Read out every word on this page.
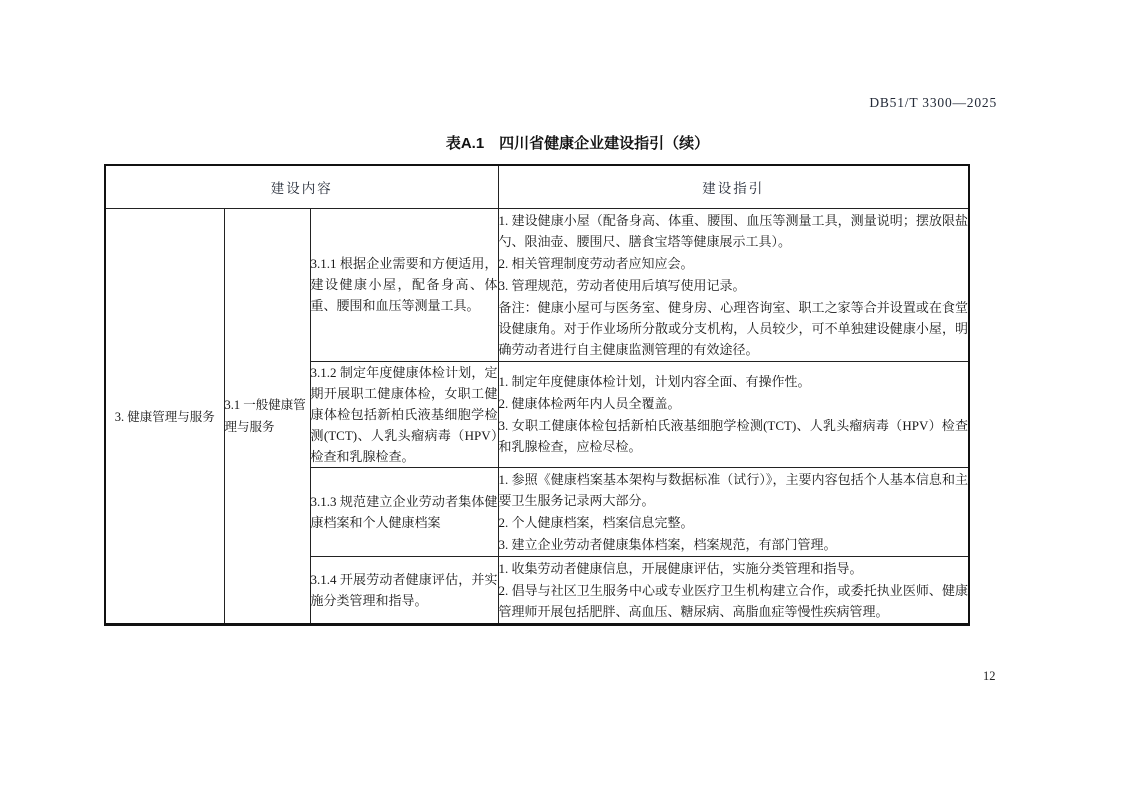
DB51/T 3300—2025
表A.1　四川省健康企业建设指引（续）
建设内容			建设指引
3. 健康管理与服务	3.1 一般健康管理与服务	3.1.1 根据企业需要和方便适用，建设健康小屋，配备身高、体重、腰围和血压等测量工具。	1. 建设健康小屋（配备身高、体重、腰围、血压等测量工具，测量说明；摆放限盐勺、限油壶、腰围尺、膳食宝塔等健康展示工具）。

2. 相关管理制度劳动者应知应会。

3. 管理规范，劳动者使用后填写使用记录。

备注：健康小屋可与医务室、健身房、心理咨询室、职工之家等合并设置或在食堂设健康角。对于作业场所分散或分支机构，人员较少，可不单独建设健康小屋，明确劳动者进行自主健康监测管理的有效途径。

		3.1.2 制定年度健康体检计划，定期开展职工健康体检，女职工健康体检包括新柏氏液基细胞学检测(TCT)、人乳头瘤病毒（HPV）检查和乳腺检查。	1. 制定年度健康体检计划，计划内容全面、有操作性。

2. 健康体检两年内人员全覆盖。

3. 女职工健康体检包括新柏氏液基细胞学检测(TCT)、人乳头瘤病毒（HPV）检查和乳腺检查，应检尽检。

		3.1.3 规范建立企业劳动者集体健康档案和个人健康档案	1. 参照《健康档案基本架构与数据标准（试行）》，主要内容包括个人基本信息和主要卫生服务记录两大部分。

2. 个人健康档案，档案信息完整。

3. 建立企业劳动者健康集体档案，档案规范，有部门管理。

		3.1.4 开展劳动者健康评估，并实施分类管理和指导。	1. 收集劳动者健康信息，开展健康评估，实施分类管理和指导。

2. 倡导与社区卫生服务中心或专业医疗卫生机构建立合作，或委托执业医师、健康管理师开展包括肥胖、高血压、糖尿病、高脂血症等慢性疾病管理。

12
